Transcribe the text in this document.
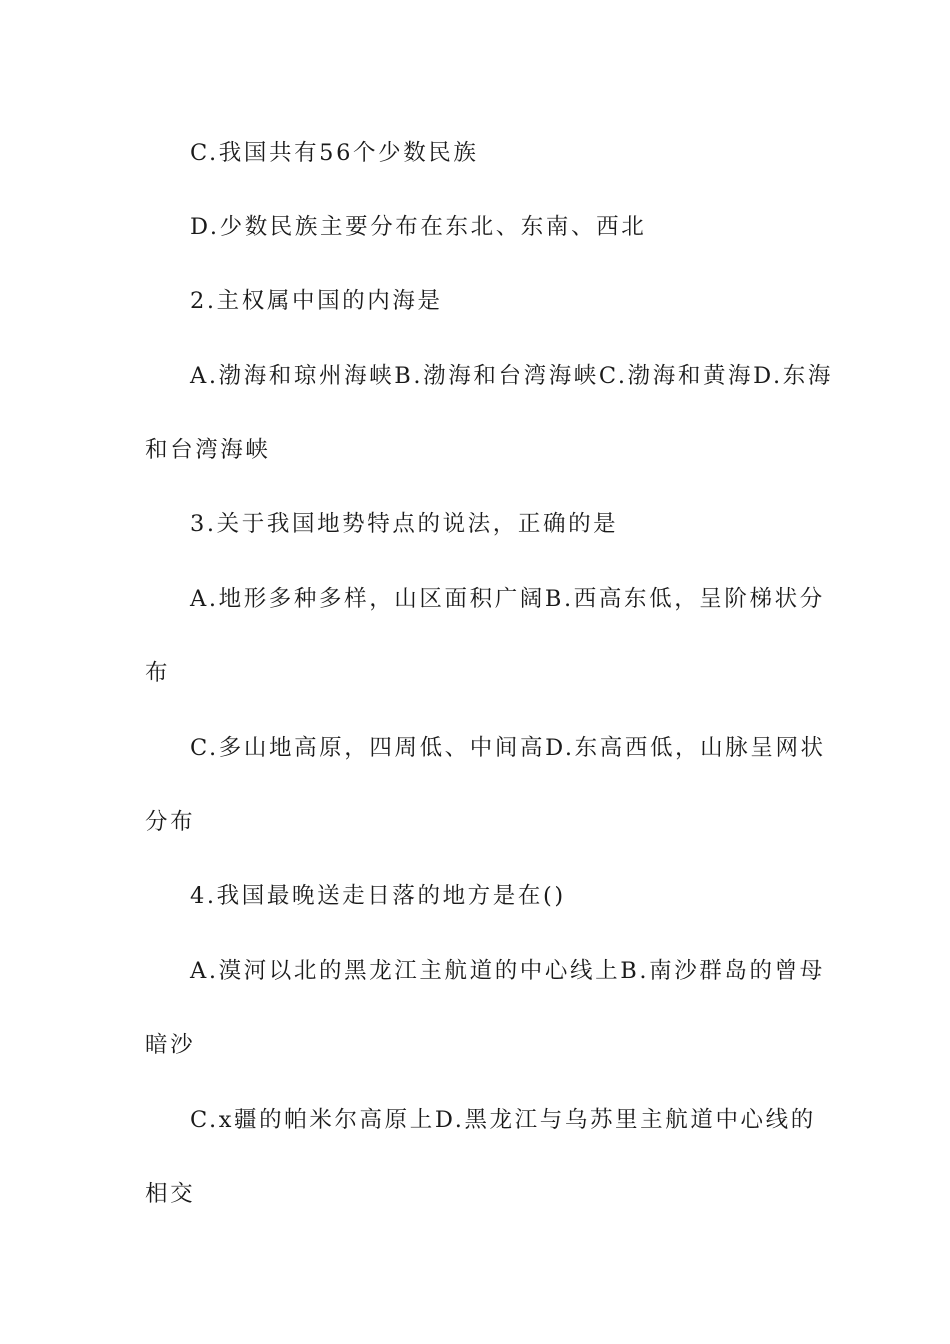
C.我国共有56个少数民族
D.少数民族主要分布在东北、东南、西北
2.主权属中国的内海是
A.渤海和琼州海峡B.渤海和台湾海峡C.渤海和黄海D.东海
和台湾海峡
3.关于我国地势特点的说法，正确的是
A.地形多种多样，山区面积广阔B.西高东低，呈阶梯状分
布
C.多山地高原，四周低、中间高D.东高西低，山脉呈网状
分布
4.我国最晚送走日落的地方是在()
A.漠河以北的黑龙江主航道的中心线上B.南沙群岛的曾母
暗沙
C.x疆的帕米尔高原上D.黑龙江与乌苏里主航道中心线的
相交
